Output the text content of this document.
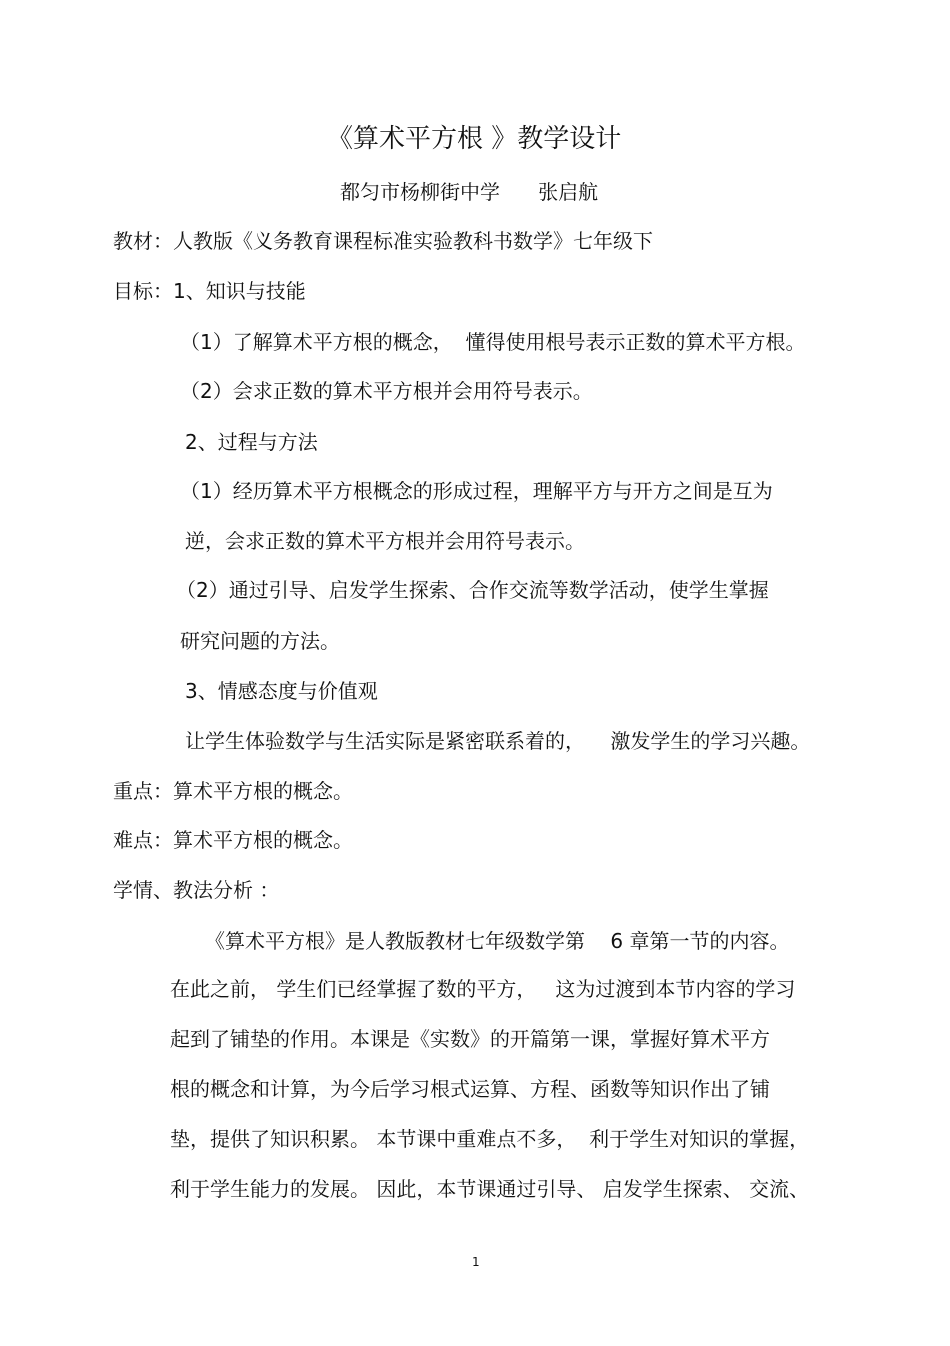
《算术平方根 》教学设计
都匀市杨柳街中学      张启航
教材：人教版《义务教育课程标准实验教科书数学》七年级下
目标：1、知识与技能
（1）了解算术平方根的概念，  懂得使用根号表示正数的算术平方根。
（2）会求正数的算术平方根并会用符号表示。
2、过程与方法
（1）经历算术平方根概念的形成过程，理解平方与开方之间是互为
逆，会求正数的算术平方根并会用符号表示。
（2）通过引导、启发学生探索、合作交流等数学活动，使学生掌握
研究问题的方法。
3、情感态度与价值观
让学生体验数学与生活实际是紧密联系着的，    激发学生的学习兴趣。
重点：算术平方根的概念。
难点：算术平方根的概念。
学情、教法分析 ：
《算术平方根》是人教版教材七年级数学第    6 章第一节的内容。
在此之前， 学生们已经掌握了数的平方，   这为过渡到本节内容的学习
起到了铺垫的作用。本课是《实数》的开篇第一课，掌握好算术平方
根的概念和计算，为今后学习根式运算、方程、函数等知识作出了铺
垫，提供了知识积累。 本节课中重难点不多，  利于学生对知识的掌握，
利于学生能力的发展。 因此，本节课通过引导、 启发学生探索、 交流、
1
